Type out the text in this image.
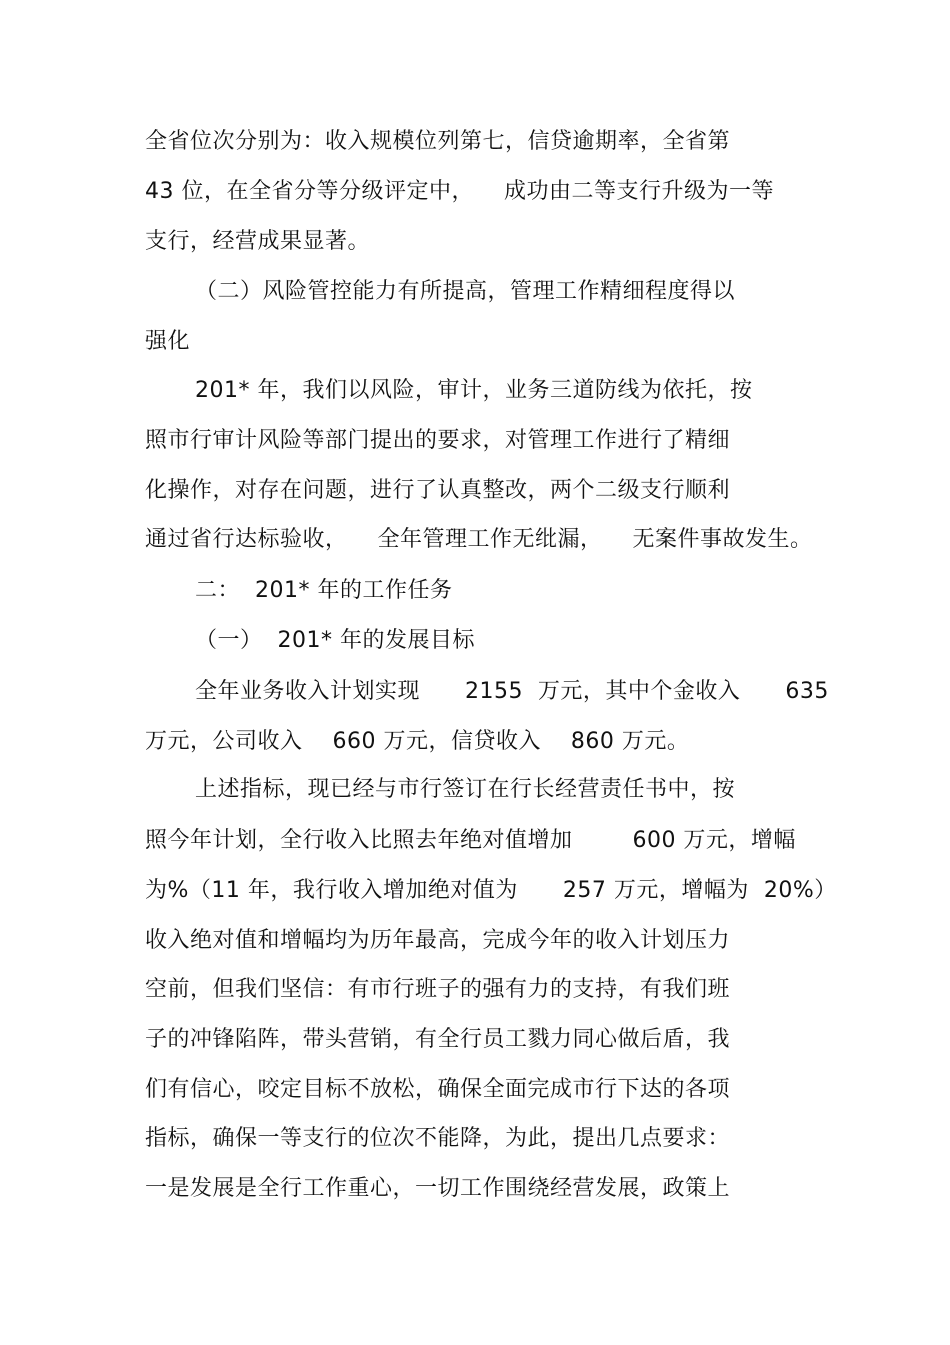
全省位次分别为：收入规模位列第七，信贷逾期率，全省第
43 位，在全省分等分级评定中，    成功由二等支行升级为一等
支行，经营成果显著。
（二）风险管控能力有所提高，管理工作精细程度得以
强化
201* 年，我们以风险，审计，业务三道防线为依托，按
照市行审计风险等部门提出的要求，对管理工作进行了精细
化操作，对存在问题，进行了认真整改，两个二级支行顺利
通过省行达标验收，    全年管理工作无纰漏，    无案件事故发生。
二：  201* 年的工作任务
（一）  201* 年的发展目标
全年业务收入计划实现      2155  万元，其中个金收入      635
万元，公司收入    660 万元，信贷收入    860 万元。
上述指标，现已经与市行签订在行长经营责任书中，按
照今年计划，全行收入比照去年绝对值增加        600 万元，增幅
为%（11 年，我行收入增加绝对值为      257 万元，增幅为  20%）
收入绝对值和增幅均为历年最高，完成今年的收入计划压力
空前，但我们坚信：有市行班子的强有力的支持，有我们班
子的冲锋陷阵，带头营销，有全行员工戮力同心做后盾，我
们有信心，咬定目标不放松，确保全面完成市行下达的各项
指标，确保一等支行的位次不能降，为此，提出几点要求：
一是发展是全行工作重心，一切工作围绕经营发展，政策上
